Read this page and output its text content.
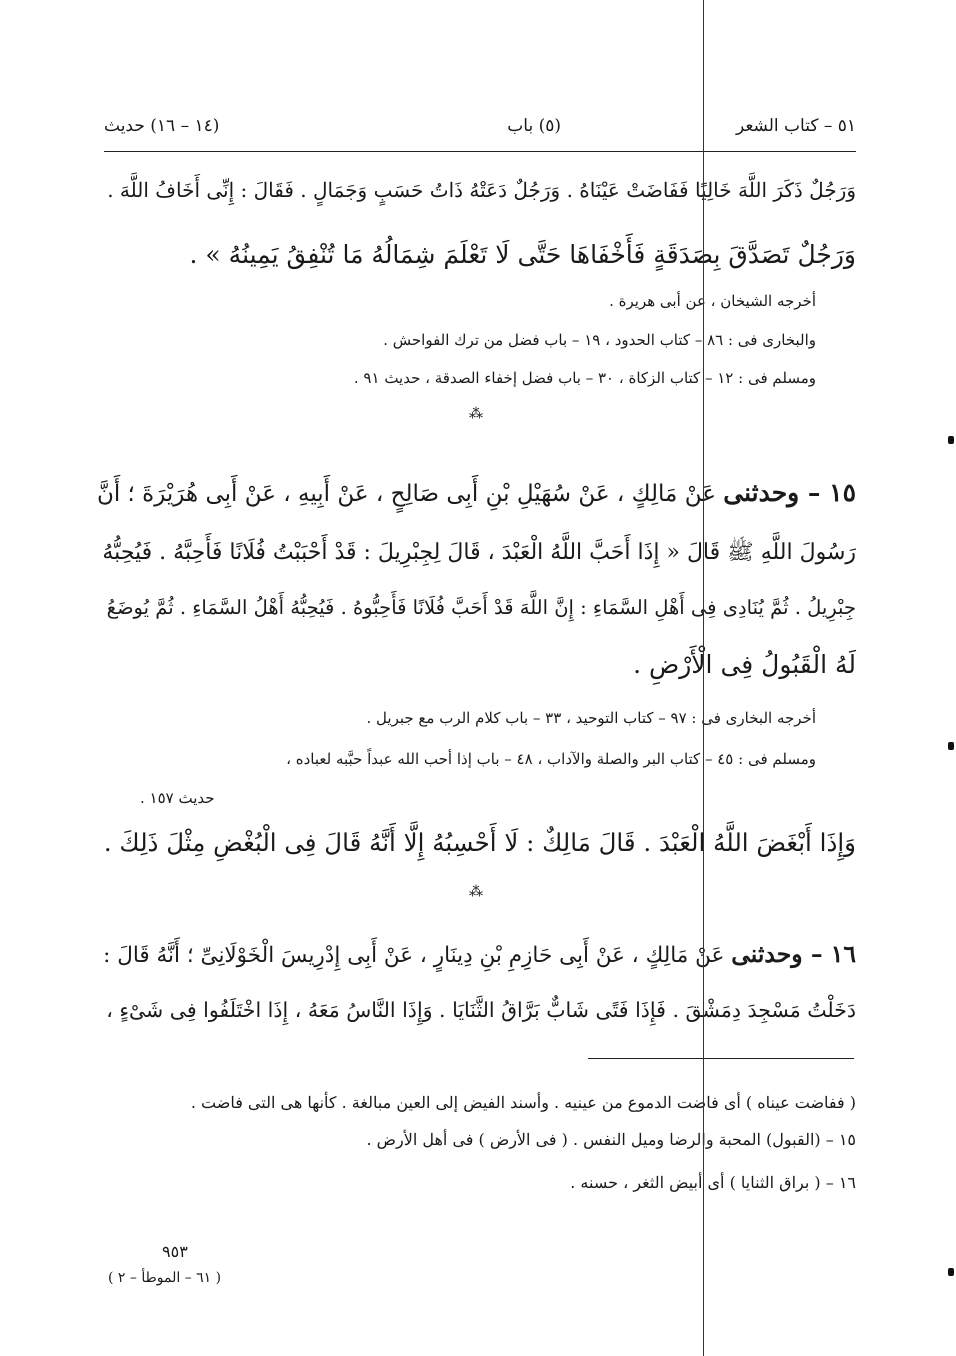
٥١ – كتاب الشعر
(٥) باب
(١٤ – ١٦) حديث
وَرَجُلٌ ذَكَرَ اللَّهَ خَالِيًا فَفَاضَتْ عَيْنَاهُ . وَرَجُلٌ دَعَتْهُ ذَاتُ حَسَبٍ وَجَمَالٍ . فَقَالَ : إِنِّى أَخَافُ اللَّهَ .
وَرَجُلٌ تَصَدَّقَ بِصَدَقَةٍ فَأَخْفَاهَا حَتَّى لَا تَعْلَمَ شِمَالُهُ مَا تُنْفِقُ يَمِينُهُ » .
أخرجه الشيخان ، عن أبى هريرة .
والبخارى فى : ٨٦ – كتاب الحدود ، ١٩ – باب فضل من ترك الفواحش .
ومسلم فى : ١٢ – كتاب الزكاة ، ٣٠ – باب فضل إخفاء الصدقة ، حديث ٩١ .
⁂
١٥ – وحدثنى عَنْ مَالِكٍ ، عَنْ سُهَيْلِ بْنِ أَبِى صَالِحٍ ، عَنْ أَبِيهِ ، عَنْ أَبِى هُرَيْرَةَ ؛ أَنَّ
رَسُولَ اللَّهِ ﷺ قَالَ « إِذَا أَحَبَّ اللَّهُ الْعَبْدَ ، قَالَ لِجِبْرِيلَ : قَدْ أَحْبَبْتُ فُلَانًا فَأَحِبَّهُ . فَيُحِبُّهُ
جِبْرِيلُ . ثُمَّ يُنَادِى فِى أَهْلِ السَّمَاءِ : إِنَّ اللَّهَ قَدْ أَحَبَّ فُلَانًا فَأَحِبُّوهُ . فَيُحِبُّهُ أَهْلُ السَّمَاءِ . ثُمَّ يُوضَعُ
لَهُ الْقَبُولُ فِى الْأَرْضِ .
أخرجه البخارى فى : ٩٧ – كتاب التوحيد ، ٣٣ – باب كلام الرب مع جبريل .
ومسلم فى : ٤٥ – كتاب البر والصلة والآداب ، ٤٨ – باب إذا أحب الله عبداً حبَّبه لعباده ،
حديث ١٥٧ .
وَإِذَا أَبْغَضَ اللَّهُ الْعَبْدَ . قَالَ مَالِكٌ : لَا أَحْسِبُهُ إِلَّا أَنَّهُ قَالَ فِى الْبُغْضِ مِثْلَ ذَلِكَ .
⁂
١٦ – وحدثنى عَنْ مَالِكٍ ، عَنْ أَبِى حَازِمِ بْنِ دِينَارٍ ، عَنْ أَبِى إِدْرِيسَ الْخَوْلَانِىِّ ؛ أَنَّهُ قَالَ :
دَخَلْتُ مَسْجِدَ دِمَشْقَ . فَإِذَا فَتًى شَابٌّ بَرَّاقُ الثَّنَايَا . وَإِذَا النَّاسُ مَعَهُ ، إِذَا اخْتَلَفُوا فِى شَىْءٍ ،
( ففاضت عيناه ) أى فاضت الدموع من عينيه . وأسند الفيض إلى العين مبالغة . كأنها هى التى فاضت .
١٥ – (القبول) المحبة والرضا وميل النفس . ( فى الأرض ) فى أهل الأرض .
١٦ – ( براق الثنايا ) أى أبيض الثغر ، حسنه .
٩٥٣
( ٦١ – الموطأ – ٢ )
